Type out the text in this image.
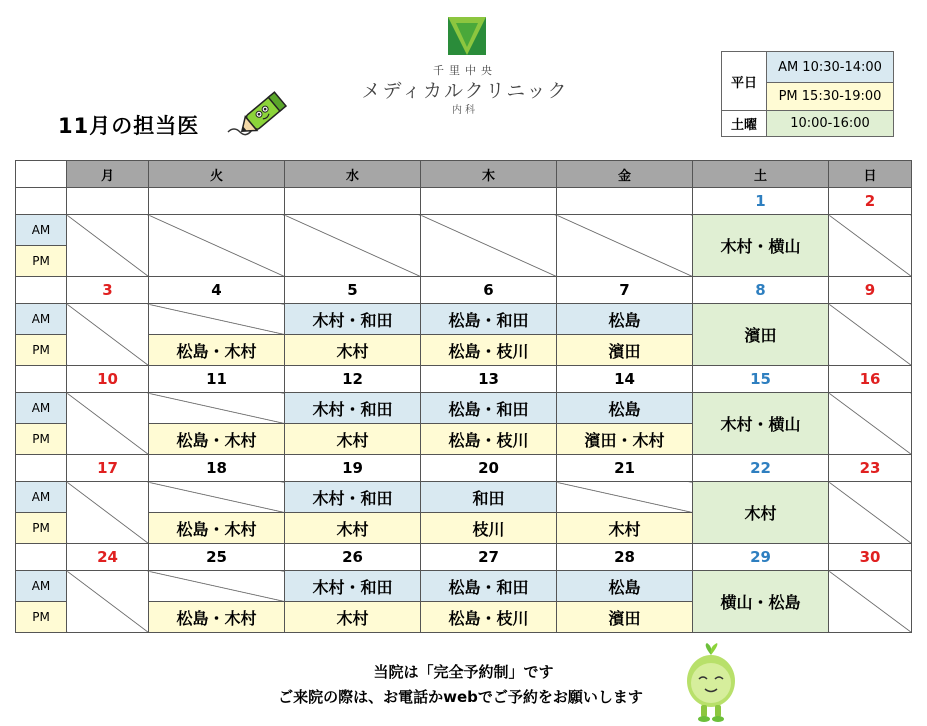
11月の担当医
千里中央
メディカルクリニック
内科
平日	AM 10:30-14:00
	PM 15:30-19:00
土曜	10:00-16:00
	月	火	水	木	金	土	日
						1	2
AM						木村・横山	
PM							
	3	4	5	6	7	8	9
AM			木村・和田	松島・和田	松島	濱田	
PM		松島・木村	木村	松島・枝川	濱田		
	10	11	12	13	14	15	16
AM			木村・和田	松島・和田	松島	木村・横山	
PM		松島・木村	木村	松島・枝川	濱田・木村		
	17	18	19	20	21	22	23
AM			木村・和田	和田		木村	
PM		松島・木村	木村	枝川	木村		
	24	25	26	27	28	29	30
AM			木村・和田	松島・和田	松島	横山・松島	
PM		松島・木村	木村	松島・枝川	濱田		
当院は「完全予約制」です
ご来院の際は、お電話かwebでご予約をお願いします
